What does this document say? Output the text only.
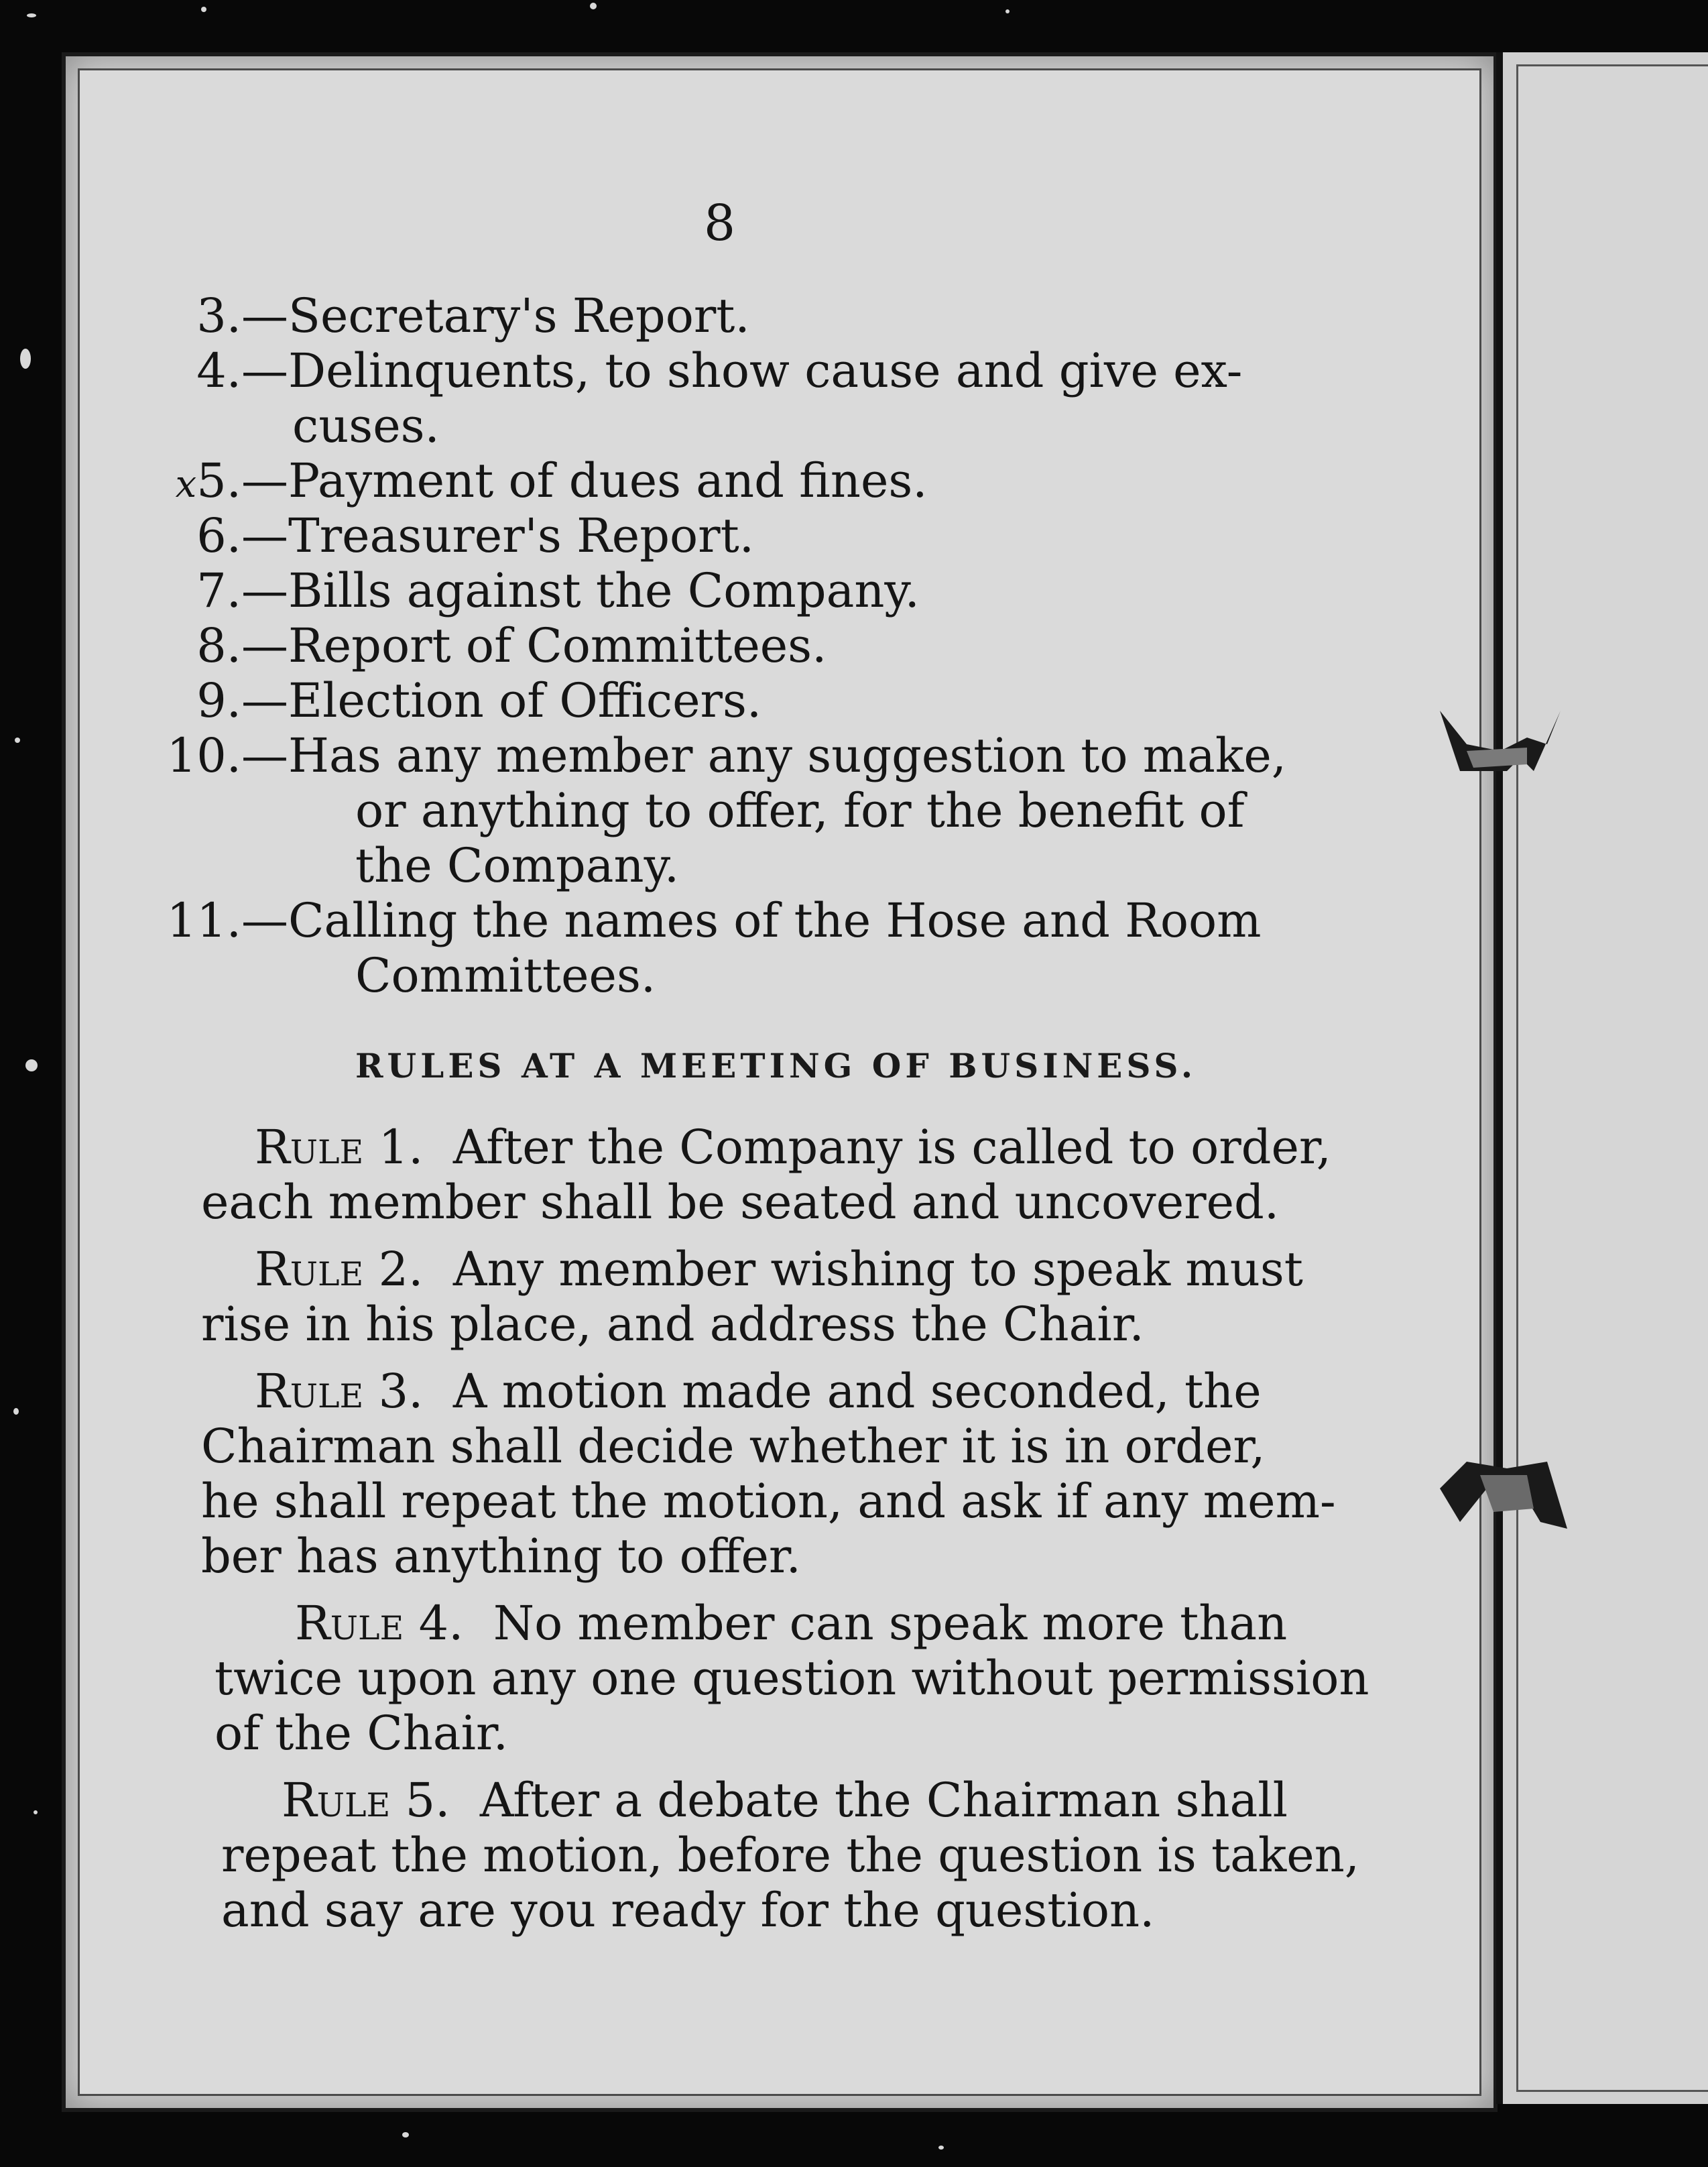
8
3.—Secretary's Report.
4.—Delinquents, to show cause and give ex-
cuses.
x5.—Payment of dues and fines.
6.—Treasurer's Report.
7.—Bills against the Company.
8.—Report of Committees.
9.—Election of Officers.
10.—Has any member any suggestion to make,
or anything to offer, for the benefit of
the Company.
11.—Calling the names of the Hose and Room
Committees.
RULES AT A MEETING OF BUSINESS.
Rule 1. After the Company is called to order,
each member shall be seated and uncovered.
Rule 2. Any member wishing to speak must
rise in his place, and address the Chair.
Rule 3. A motion made and seconded, the
Chairman shall decide whether it is in order,
he shall repeat the motion, and ask if any mem-
ber has anything to offer.
Rule 4. No member can speak more than
twice upon any one question without permission
of the Chair.
Rule 5. After a debate the Chairman shall
repeat the motion, before the question is taken,
and say are you ready for the question.
